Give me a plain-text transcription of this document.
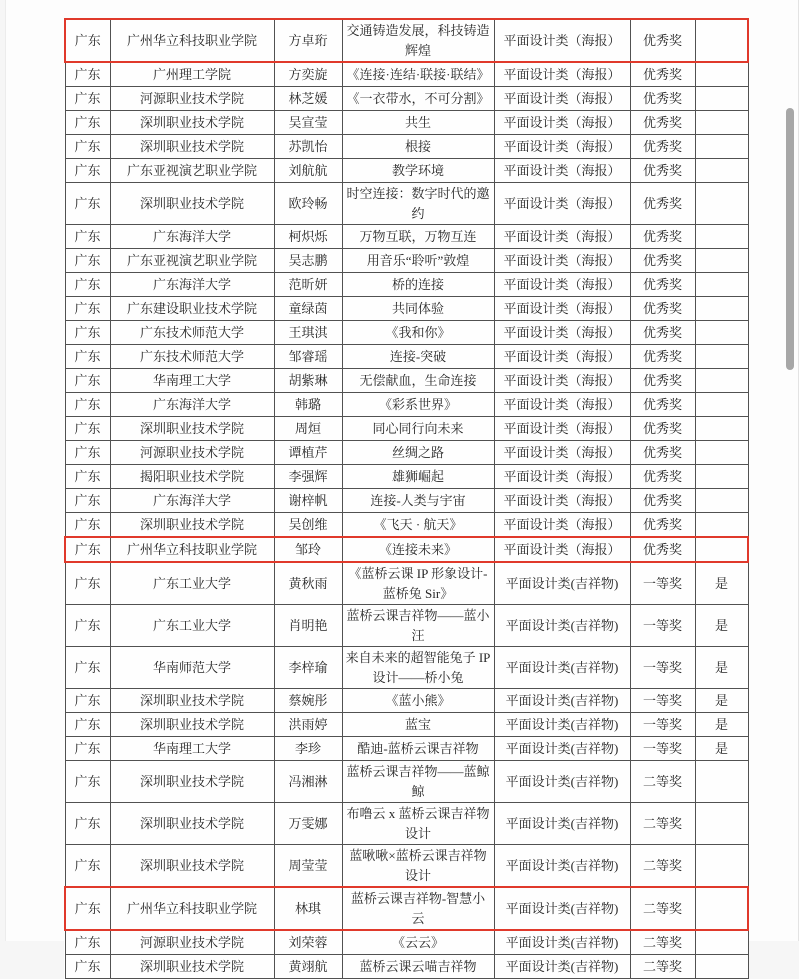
广东	广州华立科技职业学院	方卓珩	交通铸造发展，科技铸造辉煌	平面设计类（海报）	优秀奖	
广东	广州理工学院	方奕旋	《连接·连结·联接·联结》	平面设计类（海报）	优秀奖	
广东	河源职业技术学院	林芝媛	《一衣带水，不可分割》	平面设计类（海报）	优秀奖	
广东	深圳职业技术学院	吴宣莹	共生	平面设计类（海报）	优秀奖	
广东	深圳职业技术学院	苏凯怡	根接	平面设计类（海报）	优秀奖	
广东	广东亚视演艺职业学院	刘航航	教学环境	平面设计类（海报）	优秀奖	
广东	深圳职业技术学院	欧玲畅	时空连接：数字时代的邀约	平面设计类（海报）	优秀奖	
广东	广东海洋大学	柯炽烁	万物互联，万物互连	平面设计类（海报）	优秀奖	
广东	广东亚视演艺职业学院	吴志鹏	用音乐“聆听”敦煌	平面设计类（海报）	优秀奖	
广东	广东海洋大学	范昕妍	桥的连接	平面设计类（海报）	优秀奖	
广东	广东建设职业技术学院	童绿茵	共同体验	平面设计类（海报）	优秀奖	
广东	广东技术师范大学	王琪淇	《我和你》	平面设计类（海报）	优秀奖	
广东	广东技术师范大学	邹睿瑶	连接-突破	平面设计类（海报）	优秀奖	
广东	华南理工大学	胡紫琳	无偿献血，生命连接	平面设计类（海报）	优秀奖	
广东	广东海洋大学	韩璐	《彩系世界》	平面设计类（海报）	优秀奖	
广东	深圳职业技术学院	周烜	同心同行向未来	平面设计类（海报）	优秀奖	
广东	河源职业技术学院	谭植芹	丝绸之路	平面设计类（海报）	优秀奖	
广东	揭阳职业技术学院	李强辉	雄狮崛起	平面设计类（海报）	优秀奖	
广东	广东海洋大学	谢梓帆	连接-人类与宇宙	平面设计类（海报）	优秀奖	
广东	深圳职业技术学院	吴创维	《飞天 · 航天》	平面设计类（海报）	优秀奖	
广东	广州华立科技职业学院	邹玲	《连接未来》	平面设计类（海报）	优秀奖	
广东	广东工业大学	黄秋雨	《蓝桥云课 IP 形象设计-蓝桥兔 Sir》	平面设计类(吉祥物)	一等奖	是
广东	广东工业大学	肖明艳	蓝桥云课吉祥物——蓝小汪	平面设计类(吉祥物)	一等奖	是
广东	华南师范大学	李梓瑜	来自未来的超智能兔子 IP 设计——桥小兔	平面设计类(吉祥物)	一等奖	是
广东	深圳职业技术学院	蔡婉彤	《蓝小熊》	平面设计类(吉祥物)	一等奖	是
广东	深圳职业技术学院	洪雨婷	蓝宝	平面设计类(吉祥物)	一等奖	是
广东	华南理工大学	李珍	酷迪-蓝桥云课吉祥物	平面设计类(吉祥物)	一等奖	是
广东	深圳职业技术学院	冯湘淋	蓝桥云课吉祥物——蓝鲸鲸	平面设计类(吉祥物)	二等奖	
广东	深圳职业技术学院	万雯娜	布噜云 x 蓝桥云课吉祥物设计	平面设计类(吉祥物)	二等奖	
广东	深圳职业技术学院	周莹莹	蓝啾啾×蓝桥云课吉祥物设计	平面设计类(吉祥物)	二等奖	
广东	广州华立科技职业学院	林琪	蓝桥云课吉祥物-智慧小云	平面设计类(吉祥物)	二等奖	
广东	河源职业技术学院	刘荣蓉	《云云》	平面设计类(吉祥物)	二等奖	
广东	深圳职业技术学院	黄翊航	蓝桥云课云喵吉祥物	平面设计类(吉祥物)	二等奖	
